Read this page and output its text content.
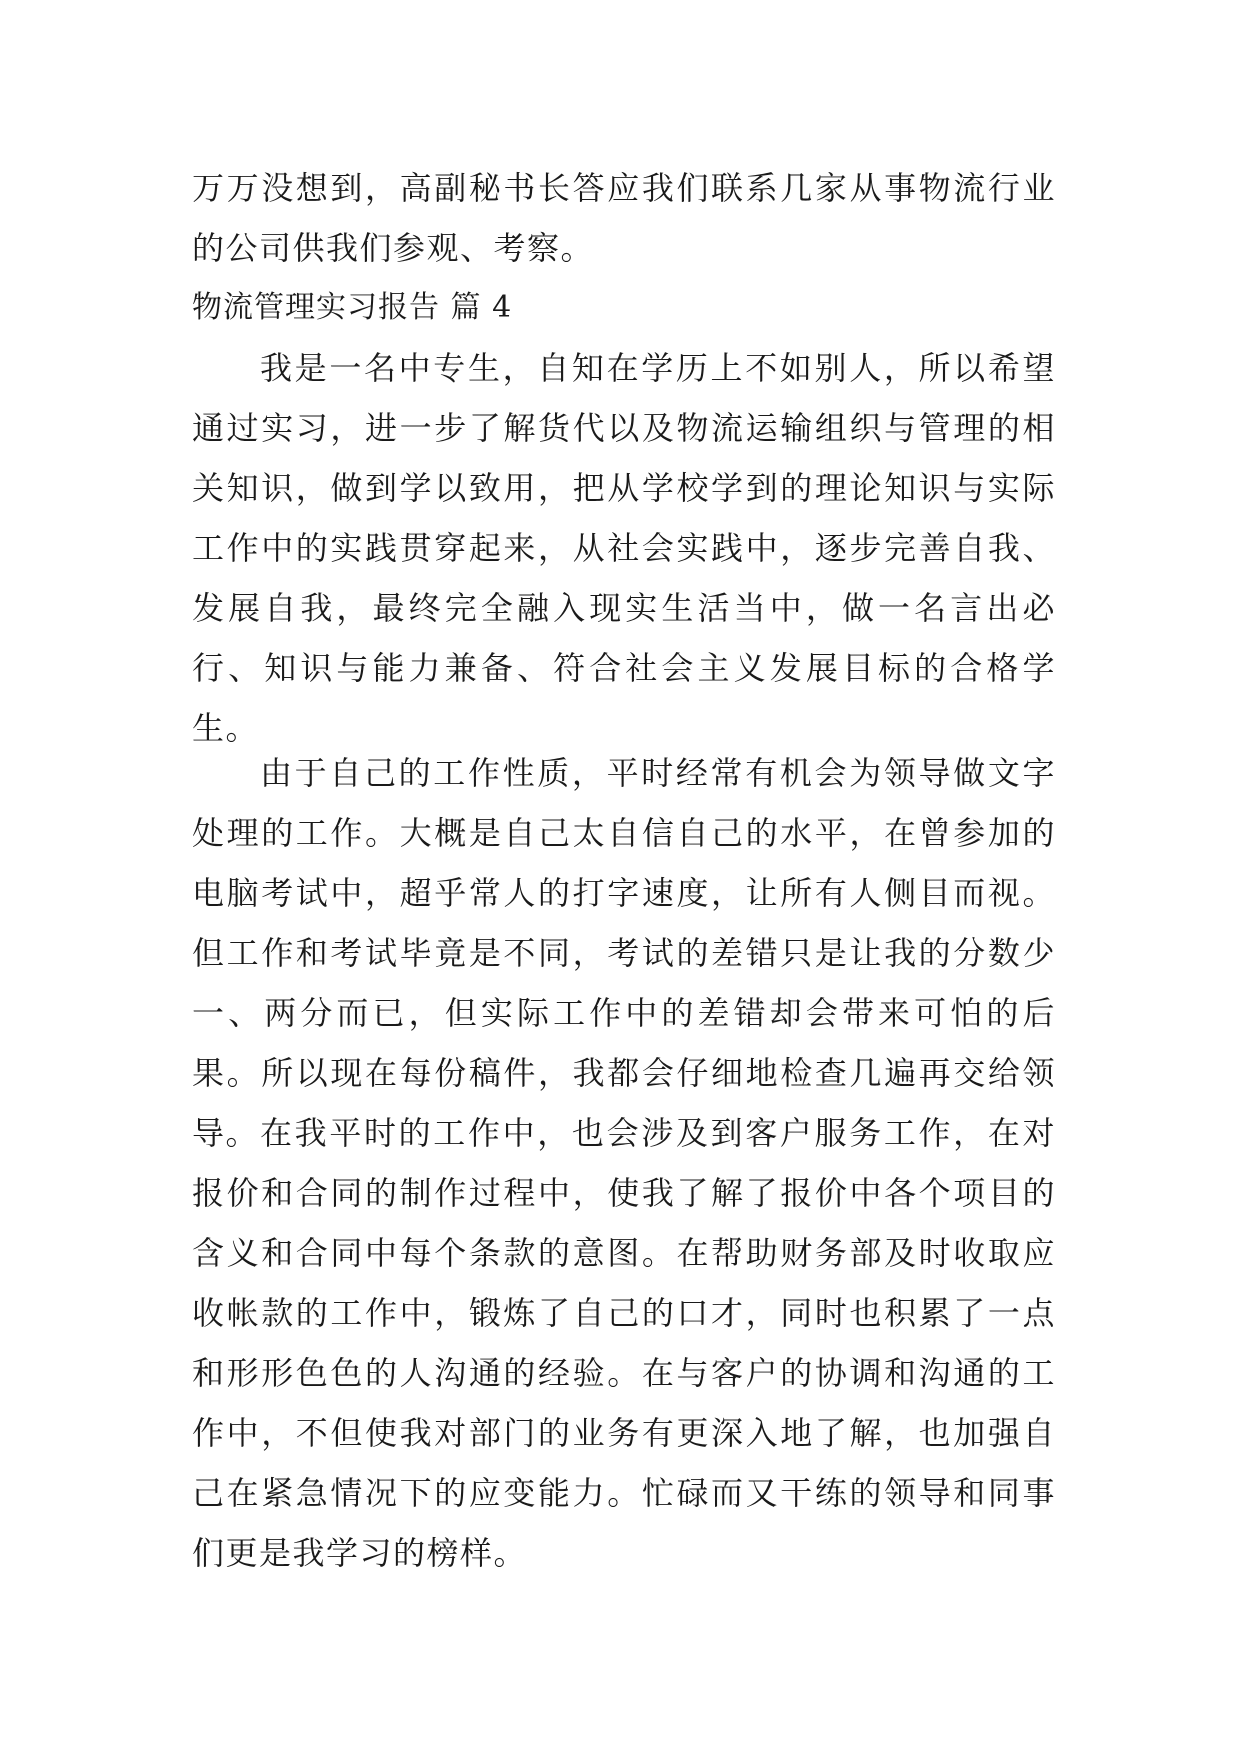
万万没想到，高副秘书长答应我们联系几家从事物流行业的公司供我们参观、考察。

物流管理实习报告 篇 4

我是一名中专生，自知在学历上不如别人，所以希望通过实习，进一步了解货代以及物流运输组织与管理的相关知识，做到学以致用，把从学校学到的理论知识与实际工作中的实践贯穿起来，从社会实践中，逐步完善自我、发展自我，最终完全融入现实生活当中，做一名言出必行、知识与能力兼备、符合社会主义发展目标的合格学生。

由于自己的工作性质，平时经常有机会为领导做文字处理的工作。大概是自己太自信自己的水平，在曾参加的电脑考试中，超乎常人的打字速度，让所有人侧目而视。但工作和考试毕竟是不同，考试的差错只是让我的分数少一、两分而已，但实际工作中的差错却会带来可怕的后果。所以现在每份稿件，我都会仔细地检查几遍再交给领导。 在我平时的工作中，也会涉及到客户服务工作，在对报价和合同的制作过程中，使我了解了报价中各个项目的含义和合同中每个条款的意图。在帮助财务部及时收取应收帐款的工作中，锻炼了自己的口才，同时也积累了一点和形形色色的人沟通的经验。在与客户的协调和沟通的工作中，不但使我对部门的业务有更深入地了解，也加强自己在紧急情况下的应变能力。忙碌而又干练的领导和同事们更是我学习的榜样。
